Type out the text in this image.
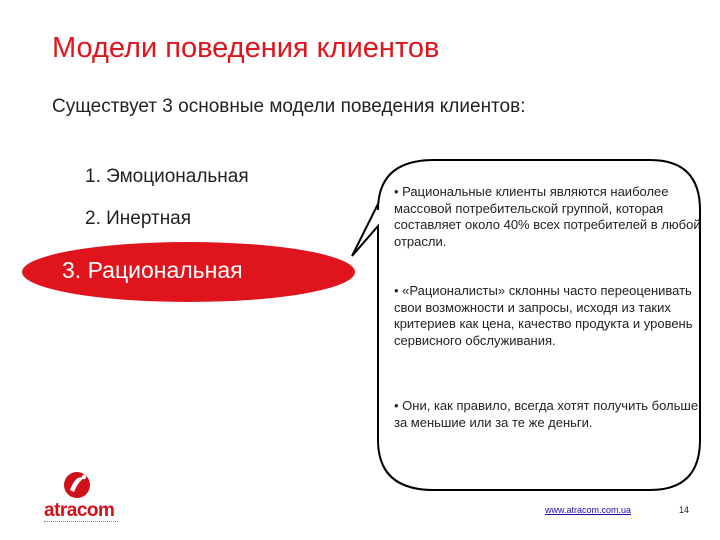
Модели поведения клиентов
Существует 3 основные модели поведения клиентов:
1. Эмоциональная
2. Инертная
3. Рациональная
• Рациональные клиенты являются наиболее массовой потребительской группой, которая составляет около 40% всех потребителей в любой отрасли.
• «Рационалисты» склонны часто переоценивать свои возможности и запросы, исходя из таких критериев как цена, качество продукта и уровень сервисного обслуживания.
• Они, как правило, всегда хотят получить больше за меньшие или за те же деньги.
atracom	www.atracom.com.ua	14
